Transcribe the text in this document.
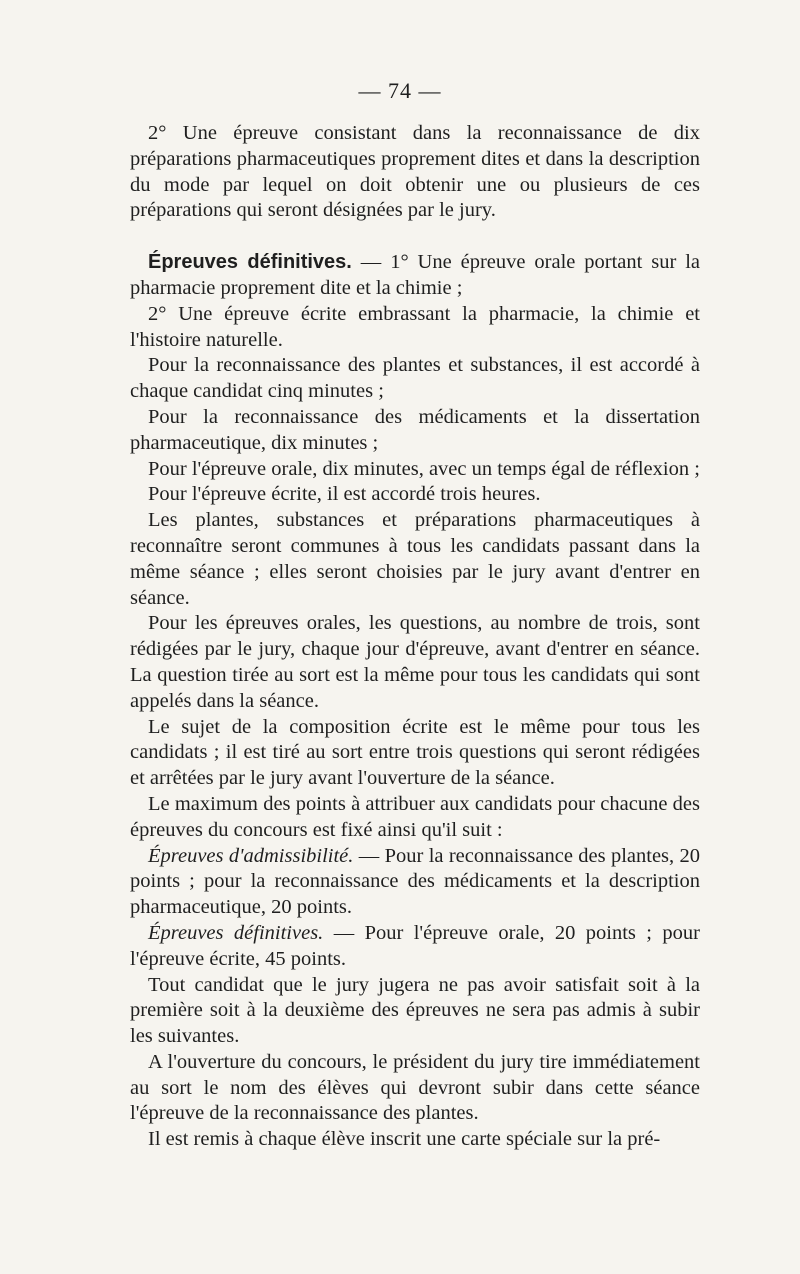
— 74 —

2° Une épreuve consistant dans la reconnaissance de dix préparations pharmaceutiques proprement dites et dans la description du mode par lequel on doit obtenir une ou plusieurs de ces préparations qui seront désignées par le jury.

Épreuves définitives. — 1° Une épreuve orale portant sur la pharmacie proprement dite et la chimie ;

2° Une épreuve écrite embrassant la pharmacie, la chimie et l'histoire naturelle.

Pour la reconnaissance des plantes et substances, il est accordé à chaque candidat cinq minutes ;

Pour la reconnaissance des médicaments et la dissertation pharmaceutique, dix minutes ;

Pour l'épreuve orale, dix minutes, avec un temps égal de réflexion ;

Pour l'épreuve écrite, il est accordé trois heures.

Les plantes, substances et préparations pharmaceutiques à reconnaître seront communes à tous les candidats passant dans la même séance ; elles seront choisies par le jury avant d'entrer en séance.

Pour les épreuves orales, les questions, au nombre de trois, sont rédigées par le jury, chaque jour d'épreuve, avant d'entrer en séance. La question tirée au sort est la même pour tous les candidats qui sont appelés dans la séance.

Le sujet de la composition écrite est le même pour tous les candidats ; il est tiré au sort entre trois questions qui seront rédigées et arrêtées par le jury avant l'ouverture de la séance.

Le maximum des points à attribuer aux candidats pour chacune des épreuves du concours est fixé ainsi qu'il suit :

Épreuves d'admissibilité. — Pour la reconnaissance des plantes, 20 points ; pour la reconnaissance des médicaments et la description pharmaceutique, 20 points.

Épreuves définitives. — Pour l'épreuve orale, 20 points ; pour l'épreuve écrite, 45 points.

Tout candidat que le jury jugera ne pas avoir satisfait soit à la première soit à la deuxième des épreuves ne sera pas admis à subir les suivantes.

A l'ouverture du concours, le président du jury tire immédiatement au sort le nom des élèves qui devront subir dans cette séance l'épreuve de la reconnaissance des plantes.

Il est remis à chaque élève inscrit une carte spéciale sur la pré-
